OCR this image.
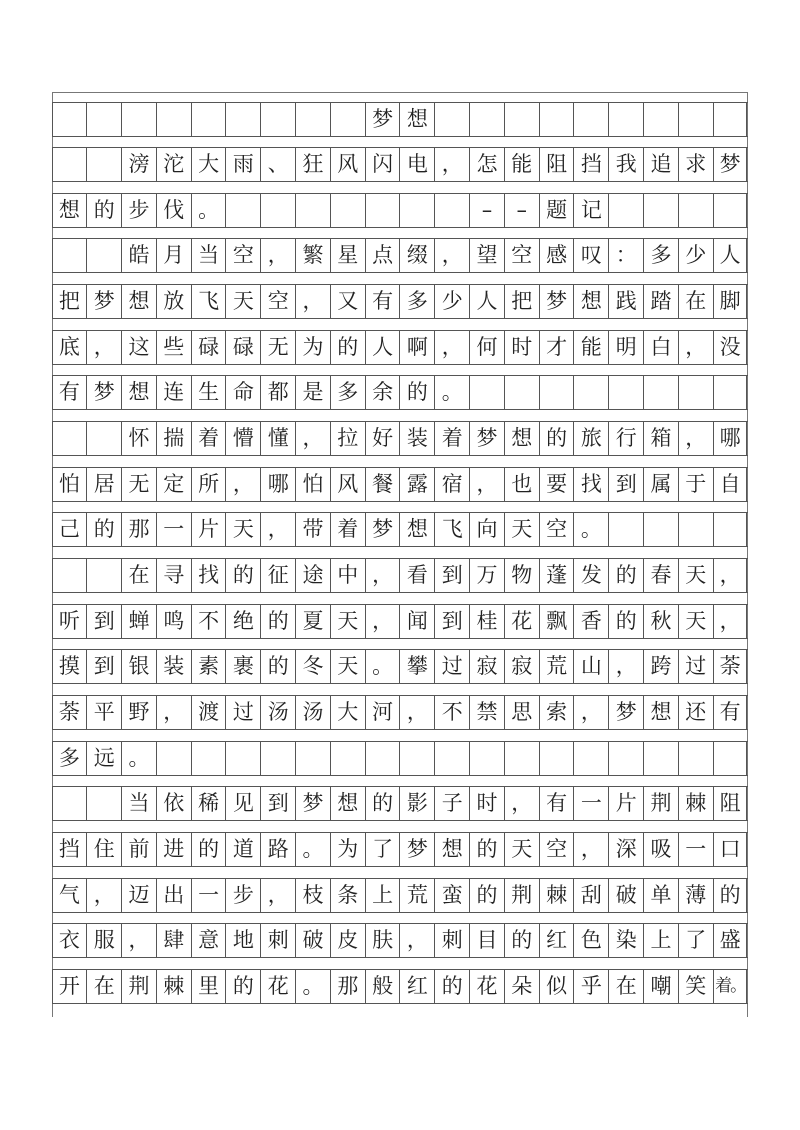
梦 想
滂 沱 大 雨 、 狂 风 闪 电 ， 怎 能 阻 挡 我 追 求 梦
想 的 步 伐 。	–	– 题 记
皓 月 当 空 ， 繁 星 点 缀 ， 望 空 感 叹 ： 多 少 人
把 梦 想 放 飞 天 空 ， 又 有 多 少 人 把 梦 想 践 踏 在 脚
底 ， 这 些 碌 碌 无 为 的 人 啊 ， 何 时 才 能 明 白 ， 没
有 梦 想 连 生 命 都 是 多 余 的 。
怀 揣 着 懵 懂 ， 拉 好 装 着 梦 想 的 旅 行 箱 ， 哪
怕 居 无 定 所 ， 哪 怕 风 餐 露 宿 ， 也 要 找 到 属 于 自
己 的 那 一 片 天 ， 带 着 梦 想 飞 向 天 空 。
在 寻 找 的 征 途 中 ， 看 到 万 物 蓬 发 的 春 天 ，
听 到 蝉 鸣 不 绝 的 夏 天 ， 闻 到 桂 花 飘 香 的 秋 天 ，
摸 到 银 装 素 裹 的 冬 天 。 攀 过 寂 寂 荒 山 ， 跨 过 荼
荼 平 野 ， 渡 过 汤 汤 大 河 ， 不 禁 思 索 ， 梦 想 还 有
多 远 。
当 依 稀 见 到 梦 想 的 影 子 时 ， 有 一 片 荆 棘 阻
挡 住 前 进 的 道 路 。 为 了 梦 想 的 天 空 ， 深 吸 一 口
气 ， 迈 出 一 步 ， 枝 条 上 荒 蛮 的 荆 棘 刮 破 单 薄 的
衣 服 ， 肆 意 地 刺 破 皮 肤 ， 刺 目 的 红 色 染 上 了 盛
开 在 荆 棘 里 的 花 。 那 般 红 的 花 朵 似 乎 在 嘲 笑 着。
